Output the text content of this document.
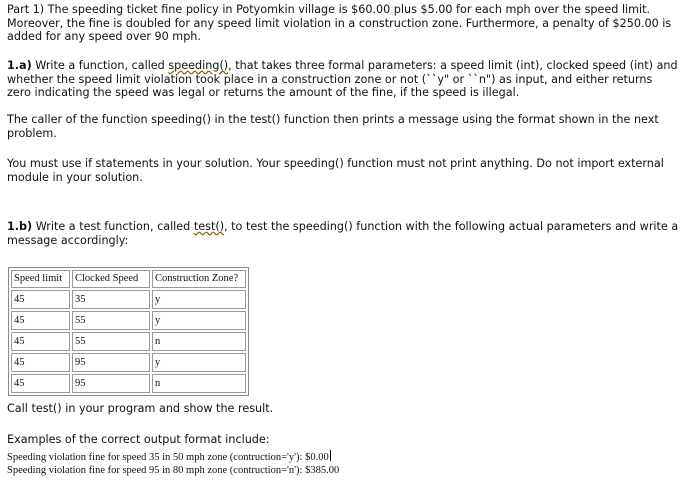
Part 1) The speeding ticket fine policy in Potyomkin village is $60.00 plus $5.00 for each mph over the speed limit.
Moreover, the fine is doubled for any speed limit violation in a construction zone. Furthermore, a penalty of $250.00 is
added for any speed over 90 mph.

1.a) Write a function, called speeding(), that takes three formal parameters: a speed limit (int), clocked speed (int) and
whether the speed limit violation took place in a construction zone or not (``y" or ``n") as input, and either returns
zero indicating the speed was legal or returns the amount of the fine, if the speed is illegal.

The caller of the function speeding() in the test() function then prints a message using the format shown in the next
problem.

You must use if statements in your solution. Your speeding() function must not print anything. Do not import external
module in your solution.

1.b) Write a test function, called test(), to test the speeding() function with the following actual parameters and write a
message accordingly:

Speed limit	Clocked Speed	Construction Zone?
45	35	y
45	55	y
45	55	n
45	95	y
45	95	n

Call test() in your program and show the result.

Examples of the correct output format include:

Speeding violation fine for speed 35 in 50 mph zone (contruction='y'): $0.00
Speeding violation fine for speed 95 in 80 mph zone (contruction='n'): $385.00
